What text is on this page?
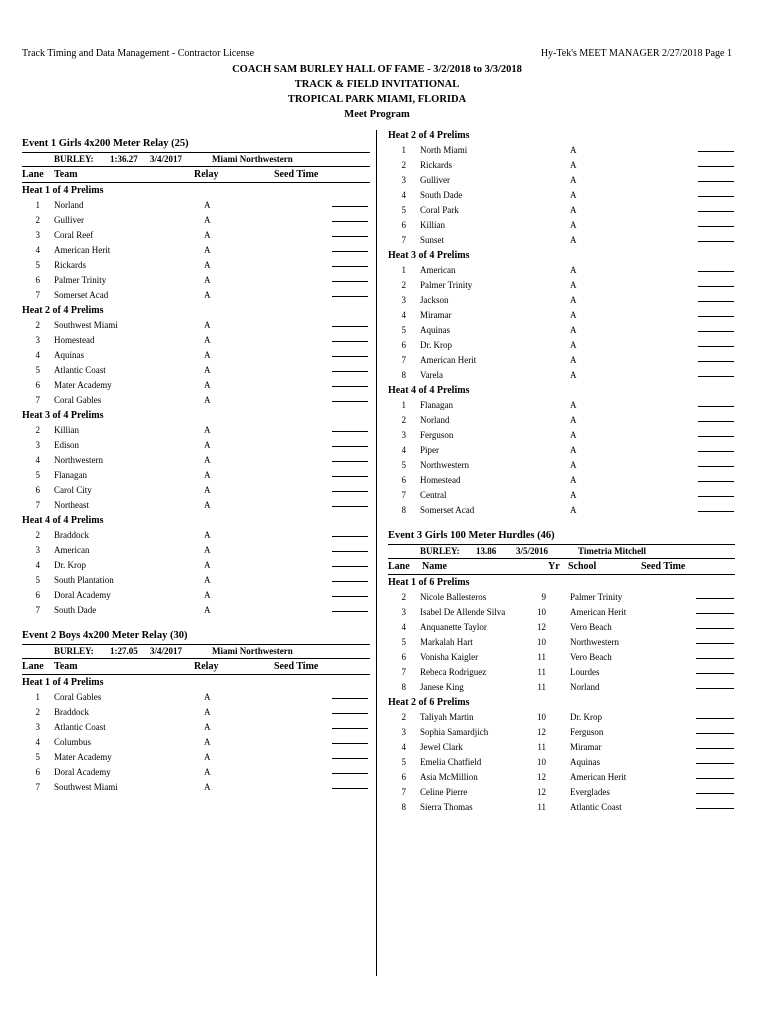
Track Timing and Data Management - Contractor License	Hy-Tek's MEET MANAGER 2/27/2018 Page 1
COACH SAM BURLEY HALL OF FAME - 3/2/2018 to 3/3/2018
TRACK & FIELD INVITATIONAL
TROPICAL PARK MIAMI, FLORIDA
Meet Program
Event 1 Girls 4x200 Meter Relay (25)
BURLEY: 1:36.27 3/4/2017	Miami Northwestern
Lane Team	Relay	Seed Time
Heat 1 of 4 Prelims
1 Norland	A
2 Gulliver	A
3 Coral Reef	A
4 American Herit	A
5 Rickards	A
6 Palmer Trinity	A
7 Somerset Acad	A
Heat 2 of 4 Prelims
2 Southwest Miami	A
3 Homestead	A
4 Aquinas	A
5 Atlantic Coast	A
6 Mater Academy	A
7 Coral Gables	A
Heat 3 of 4 Prelims
2 Killian	A
3 Edison	A
4 Northwestern	A
5 Flanagan	A
6 Carol City	A
7 Northeast	A
Heat 4 of 4 Prelims
2 Braddock	A
3 American	A
4 Dr. Krop	A
5 South Plantation	A
6 Doral Academy	A
7 South Dade	A
Event 2 Boys 4x200 Meter Relay (30)
BURLEY: 1:27.05 3/4/2017	Miami Northwestern
Lane Team	Relay	Seed Time
Heat 1 of 4 Prelims
1 Coral Gables	A
2 Braddock	A
3 Atlantic Coast	A
4 Columbus	A
5 Mater Academy	A
6 Doral Academy	A
7 Southwest Miami	A
Heat 2 of 4 Prelims
1 North Miami	A
2 Rickards	A
3 Gulliver	A
4 South Dade	A
5 Coral Park	A
6 Killian	A
7 Sunset	A
Heat 3 of 4 Prelims
1 American	A
2 Palmer Trinity	A
3 Jackson	A
4 Miramar	A
5 Aquinas	A
6 Dr. Krop	A
7 American Herit	A
8 Varela	A
Heat 4 of 4 Prelims
1 Flanagan	A
2 Norland	A
3 Ferguson	A
4 Piper	A
5 Northwestern	A
6 Homestead	A
7 Central	A
8 Somerset Acad	A
Event 3 Girls 100 Meter Hurdles (46)
BURLEY: 13.86 3/5/2016	Timetria Mitchell
Lane Name	Yr School	Seed Time
Heat 1 of 6 Prelims
2 Nicole Ballesteros	9	Palmer Trinity
3 Isabel De Allende Silva	10	American Herit
4 Anquanette Taylor	12	Vero Beach
5 Markalah Hart	10	Northwestern
6 Vonisha Kaigler	11	Vero Beach
7 Rebeca Rodriguez	11	Lourdes
8 Janese King	11	Norland
Heat 2 of 6 Prelims
2 Taliyah Martin	10	Dr. Krop
3 Sophia Samardjich	12	Ferguson
4 Jewel Clark	11	Miramar
5 Emelia Chatfield	10	Aquinas
6 Asia McMillion	12	American Herit
7 Celine Pierre	12	Everglades
8 Sierra Thomas	11	Atlantic Coast
